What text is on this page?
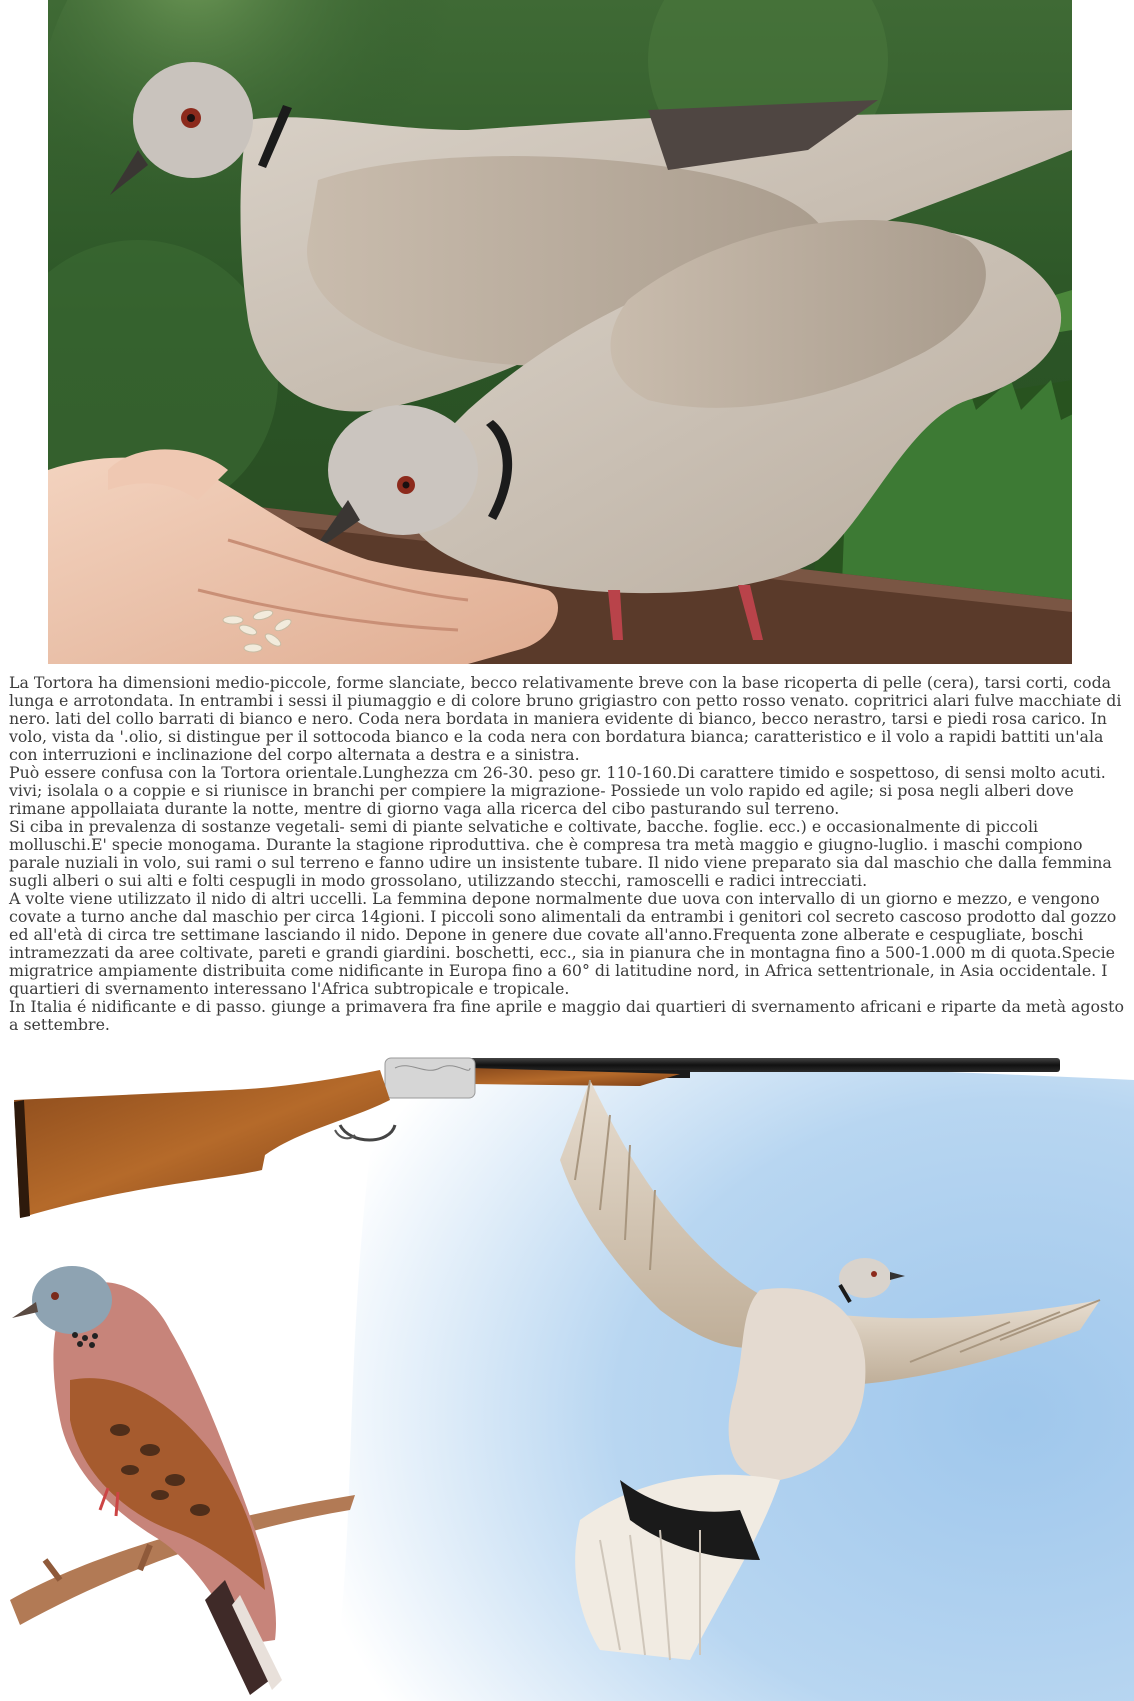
La Tortora ha dimensioni medio-piccole, forme slanciate, becco relativamente breve con la base ricoperta di pelle (cera), tarsi corti, coda lunga e arrotondata. In entrambi i sessi il piumaggio e di colore bruno grigiastro con petto rosso venato. copritrici alari fulve macchiate di nero. lati del collo barrati di bianco e nero. Coda nera bordata in maniera evidente di bianco, becco nerastro, tarsi e piedi rosa carico. In volo, vista da '.olio, si distingue per il sottocoda bianco e la coda nera con bordatura bianca; caratteristico e il volo a rapidi battiti un'ala con interruzioni e inclinazione del corpo alternata a destra e a sinistra.

Può essere confusa con la Tortora orientale.Lunghezza cm 26-30. peso gr. 110-160.Di carattere timido e sospettoso, di sensi molto acuti. vivi; isolala o a coppie e si riunisce in branchi per compiere la migrazione- Possiede un volo rapido ed agile; si posa negli alberi dove rimane appollaiata durante la notte, mentre di giorno vaga alla ricerca del cibo pasturando sul terreno.

Si ciba in prevalenza di sostanze vegetali- semi di piante selvatiche e coltivate, bacche. foglie. ecc.) e occasionalmente di piccoli molluschi.E' specie monogama. Durante la stagione riproduttiva. che è compresa tra metà maggio e giugno-luglio. i maschi compiono parale nuziali in volo, sui rami o sul terreno e fanno udire un insistente tubare. Il nido viene preparato sia dal maschio che dalla femmina sugli alberi o sui alti e folti cespugli in modo grossolano, utilizzando stecchi, ramoscelli e radici intrecciati.

A volte viene utilizzato il nido di altri uccelli. La femmina depone normalmente due uova con intervallo di un giorno e mezzo, e vengono covate a turno anche dal maschio per circa 14gioni. I piccoli sono alimentali da entrambi i genitori col secreto cascoso prodotto dal gozzo ed all'età di circa tre settimane lasciando il nido. Depone in genere due covate all'anno.Frequenta zone alberate e cespugliate, boschi intramezzati da aree coltivate, pareti e grandi giardini. boschetti, ecc., sia in pianura che in montagna fino a 500-1.000 m di quota.Specie migratrice ampiamente distribuita come nidificante in Europa fino a 60° di latitudine nord, in Africa settentrionale, in Asia occidentale. I quartieri di svernamento interessano l'Africa subtropicale e tropicale.

In Italia é nidificante e di passo. giunge a primavera fra fine aprile e maggio dai quartieri di svernamento africani e riparte da metà agosto a settembre.
